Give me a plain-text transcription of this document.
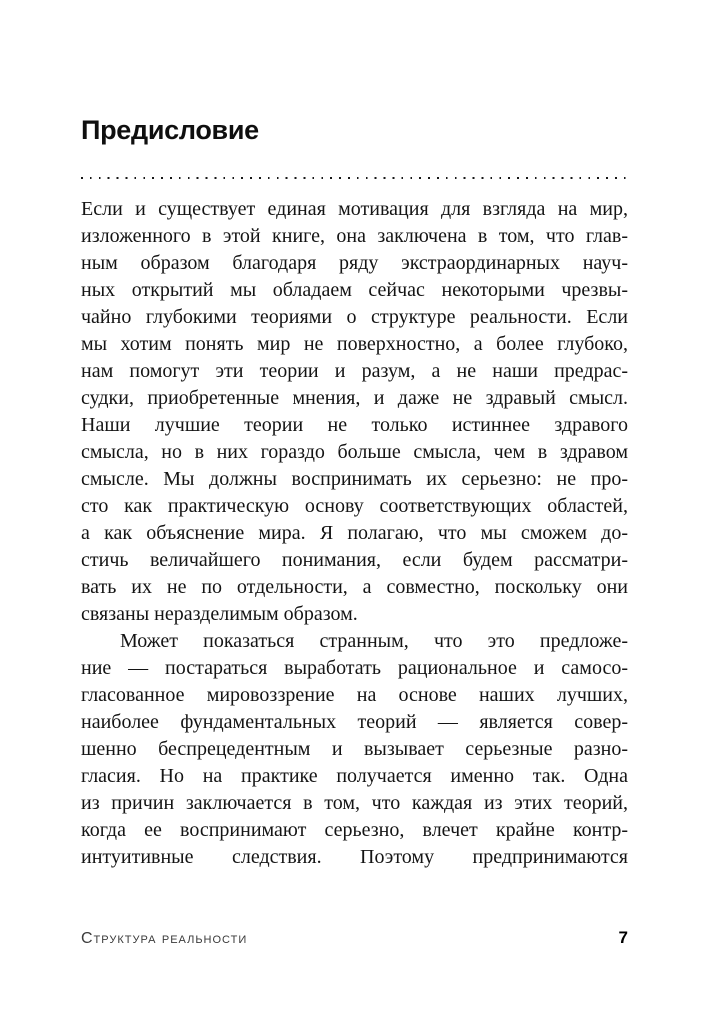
Предисловие
Если и существует единая мотивация для взгляда на мир,
изложенного в этой книге, она заключена в том, что глав-
ным образом благодаря ряду экстраординарных науч-
ных открытий мы обладаем сейчас некоторыми чрезвы-
чайно глубокими теориями о структуре реальности. Если
мы хотим понять мир не поверхностно, а более глубоко,
нам помогут эти теории и разум, а не наши предрас-
судки, приобретенные мнения, и даже не здравый смысл.
Наши лучшие теории не только истиннее здравого
смысла, но в них гораздо больше смысла, чем в здравом
смысле. Мы должны воспринимать их серьезно: не про-
сто как практическую основу соответствующих областей,
а как объяснение мира. Я полагаю, что мы сможем до-
стичь величайшего понимания, если будем рассматри-
вать их не по отдельности, а совместно, поскольку они
связаны неразделимым образом.
Может показаться странным, что это предложе-
ние — постараться выработать рациональное и самосо-
гласованное мировоззрение на основе наших лучших,
наиболее фундаментальных теорий — является совер-
шенно беспрецедентным и вызывает серьезные разно-
гласия. Но на практике получается именно так. Одна
из причин заключается в том, что каждая из этих теорий,
когда ее воспринимают серьезно, влечет крайне контр-
интуитивные следствия. Поэтому предпринимаются
Структура реальности	7
